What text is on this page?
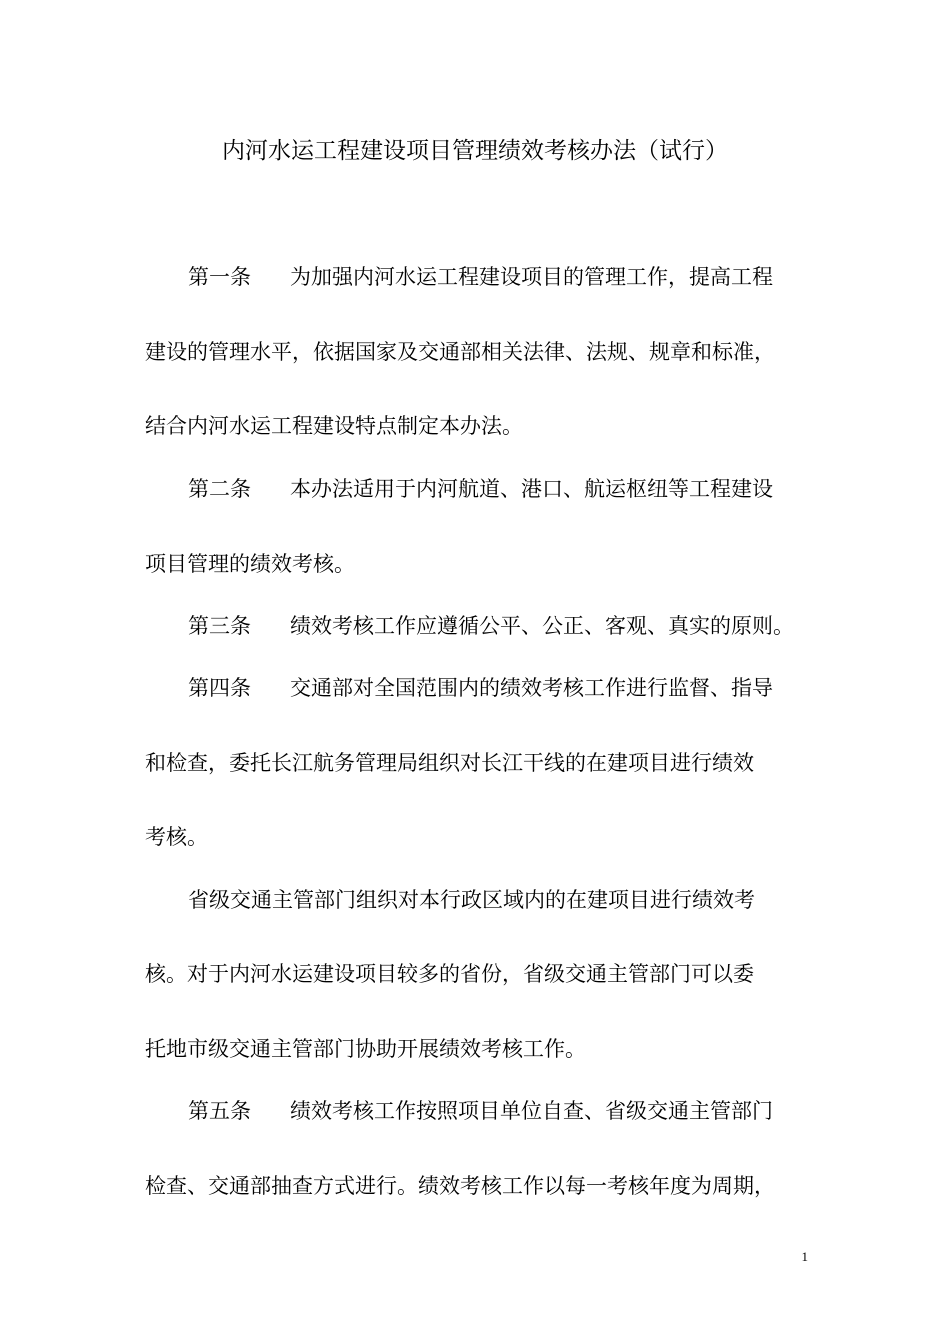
内河水运工程建设项目管理绩效考核办法（试行）
第一条 为加强内河水运工程建设项目的管理工作，提高工程
建设的管理水平，依据国家及交通部相关法律、法规、规章和标准，
结合内河水运工程建设特点制定本办法。
第二条 本办法适用于内河航道、港口、航运枢纽等工程建设
项目管理的绩效考核。
第三条 绩效考核工作应遵循公平、公正、客观、真实的原则。
第四条 交通部对全国范围内的绩效考核工作进行监督、指导
和检查，委托长江航务管理局组织对长江干线的在建项目进行绩效
考核。
省级交通主管部门组织对本行政区域内的在建项目进行绩效考
核。对于内河水运建设项目较多的省份，省级交通主管部门可以委
托地市级交通主管部门协助开展绩效考核工作。
第五条 绩效考核工作按照项目单位自查、省级交通主管部门
检查、交通部抽查方式进行。绩效考核工作以每一考核年度为周期，
1
